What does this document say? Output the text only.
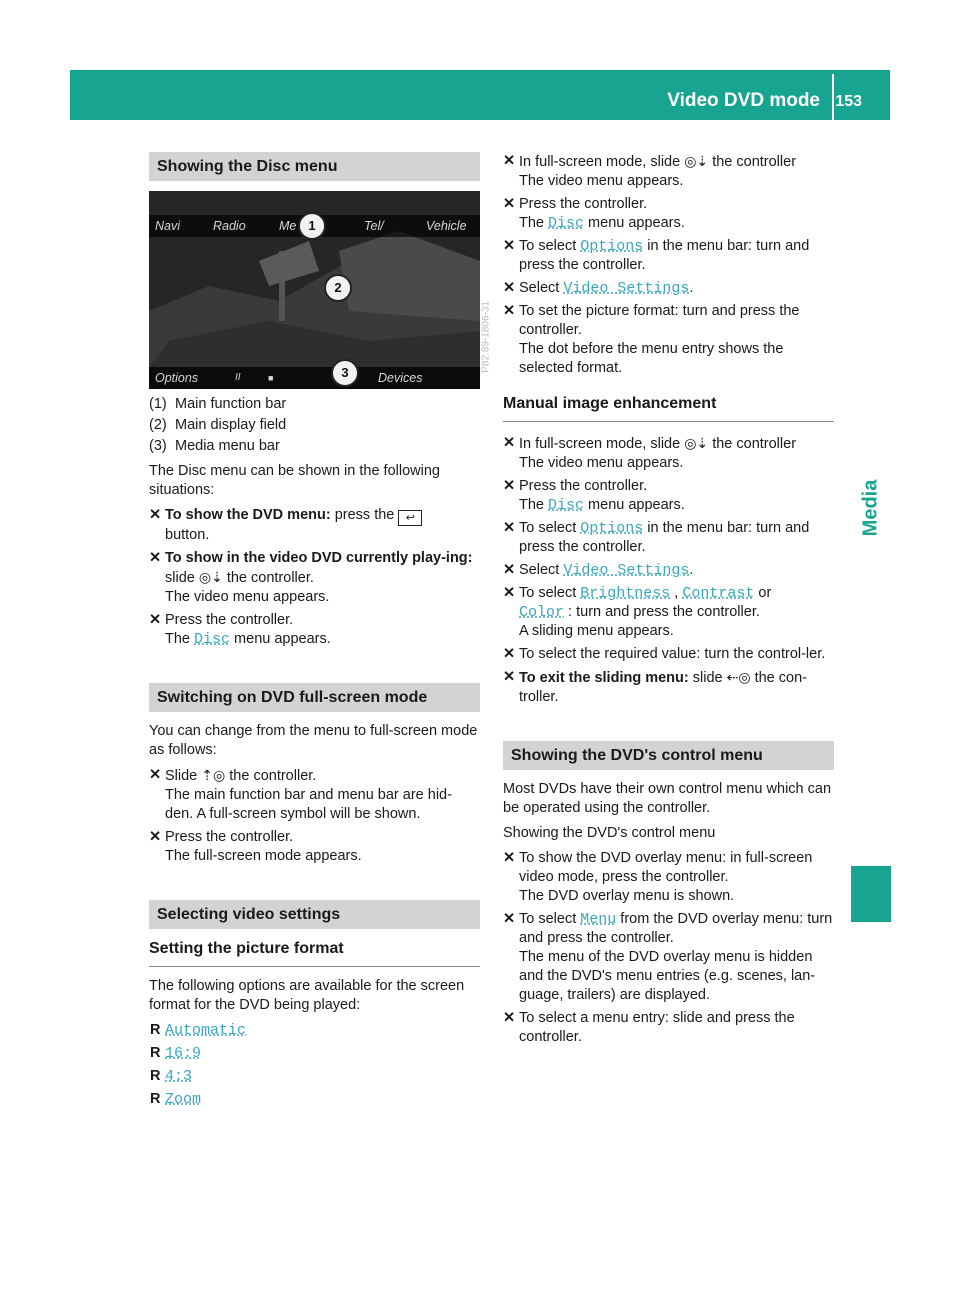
Video DVD mode 153
Media
Showing the Disc menu
Navi	Radio	Me	Tel/	Vehicle
Options	II	■	Devices
1
2
3	P82.89-1806-31
(1) Main function bar
(2) Main display field
(3) Media menu bar

The Disc menu can be shown in the following situations:

✕ To show the DVD menu: press the ↩
button.
✕ To show in the video DVD currently play-ing: slide ◎⇣ the controller.
The video menu appears.
✕ Press the controller.
The Disc menu appears.
Switching on DVD full-screen mode

You can change from the menu to full-screen mode as follows:

✕ Slide ⇡◎ the controller.
The main function bar and menu bar are hid-den. A full-screen symbol will be shown.
✕ Press the controller.
The full-screen mode appears.
Selecting video settings
Setting the picture format

The following options are available for the screen format for the DVD being played:

R Automatic
R 16:9
R 4:3
R Zoom
✕ In full-screen mode, slide ◎⇣ the controller
The video menu appears.
✕ Press the controller.
The Disc menu appears.
✕ To select Options in the menu bar: turn and press the controller.
✕ Select Video Settings.
✕ To set the picture format: turn and press the controller.
The dot before the menu entry shows the selected format.
Manual image enhancement
✕ In full-screen mode, slide ◎⇣ the controller
The video menu appears.
✕ Press the controller.
The Disc menu appears.
✕ To select Options in the menu bar: turn and press the controller.
✕ Select Video Settings.
✕ To select Brightness , Contrast or
Color : turn and press the controller.
A sliding menu appears.
✕ To select the required value: turn the control-ler.
✕ To exit the sliding menu: slide ⇠◎ the con-troller.
Showing the DVD's control menu

Most DVDs have their own control menu which can be operated using the controller.

Showing the DVD's control menu

✕ To show the DVD overlay menu: in full-screen video mode, press the controller.
The DVD overlay menu is shown.
✕ To select Menu from the DVD overlay menu: turn and press the controller.
The menu of the DVD overlay menu is hidden and the DVD's menu entries (e.g. scenes, lan-guage, trailers) are displayed.
✕ To select a menu entry: slide and press the controller.
